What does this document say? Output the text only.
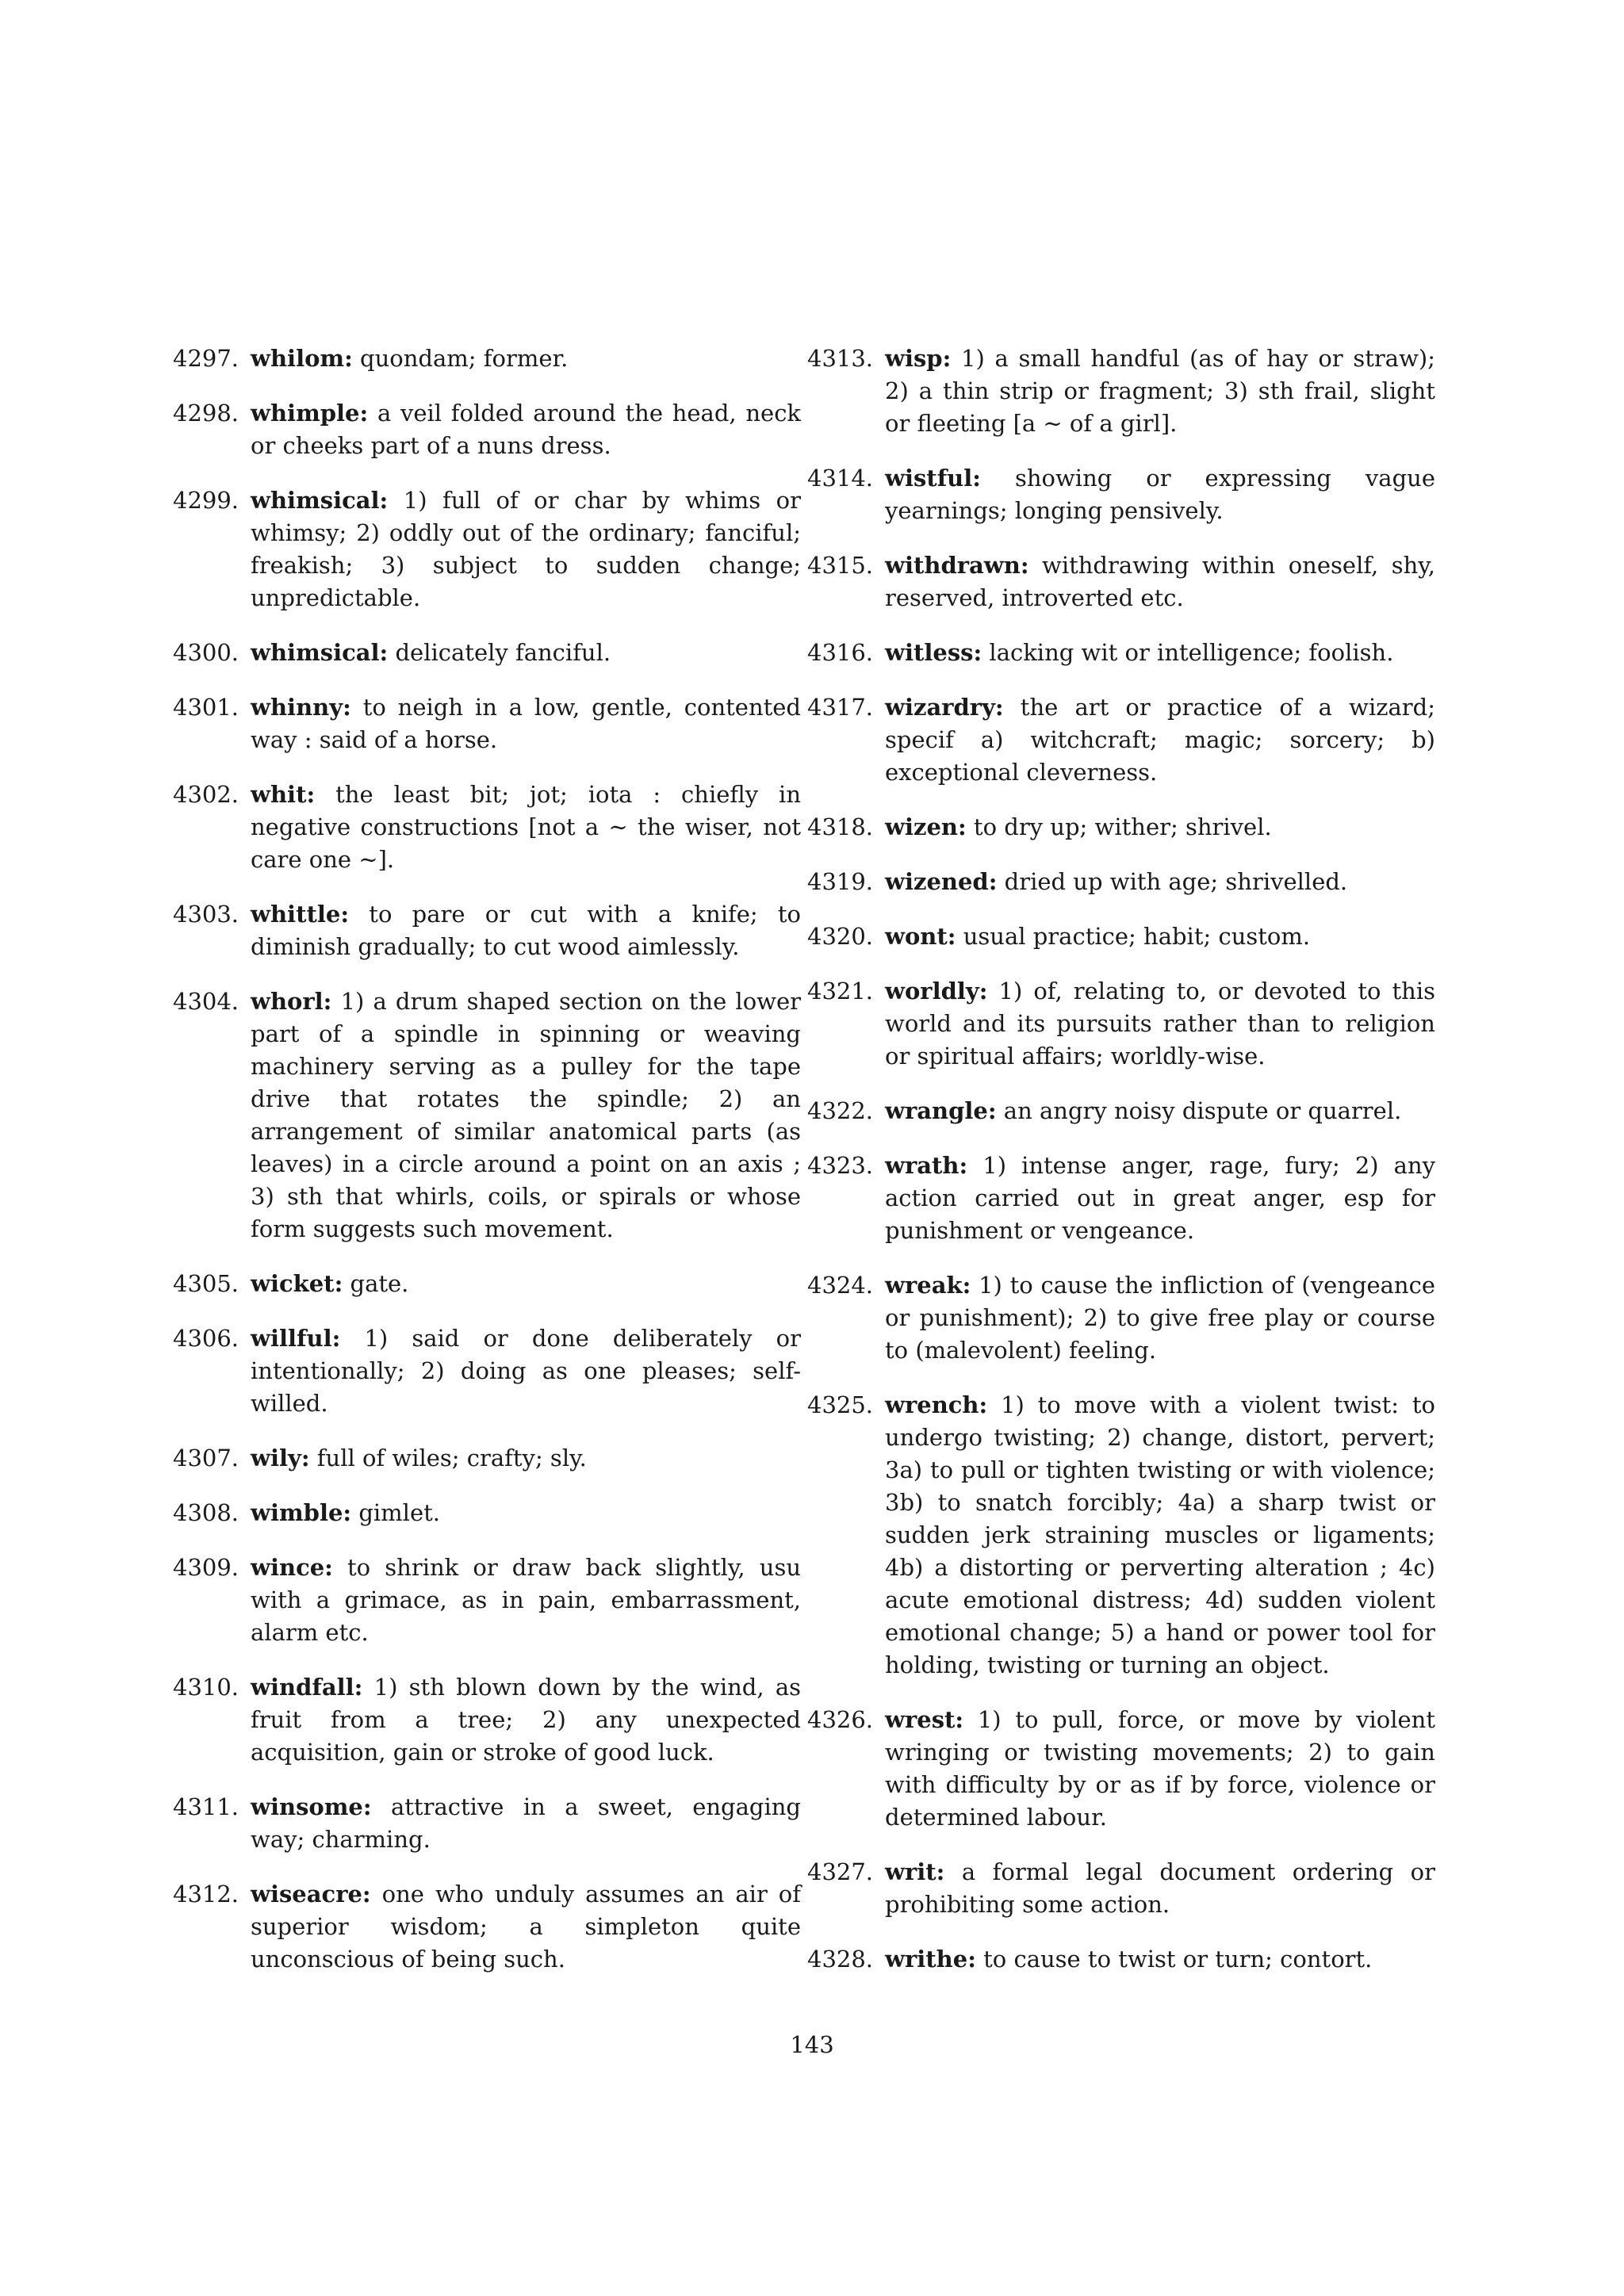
4297. whilom: quondam; former.
4298. whimple: a veil folded around the head, neck or cheeks part of a nuns dress.
4299. whimsical: 1) full of or char by whims or whimsy; 2) oddly out of the ordinary; fanciful; freakish; 3) subject to sudden change; unpredictable.
4300. whimsical: delicately fanciful.
4301. whinny: to neigh in a low, gentle, contented way : said of a horse.
4302. whit: the least bit; jot; iota : chiefly in negative constructions [not a ∼ the wiser, not care one ∼].
4303. whittle: to pare or cut with a knife; to diminish gradually; to cut wood aimlessly.
4304. whorl: 1) a drum shaped section on the lower part of a spindle in spinning or weaving machinery serving as a pulley for the tape drive that rotates the spindle; 2) an arrangement of similar anatomical parts (as leaves) in a circle around a point on an axis ; 3) sth that whirls, coils, or spirals or whose form suggests such movement.
4305. wicket: gate.
4306. willful: 1) said or done deliberately or intentionally; 2) doing as one pleases; self-willed.
4307. wily: full of wiles; crafty; sly.
4308. wimble: gimlet.
4309. wince: to shrink or draw back slightly, usu with a grimace, as in pain, embarrassment, alarm etc.
4310. windfall: 1) sth blown down by the wind, as fruit from a tree; 2) any unexpected acquisition, gain or stroke of good luck.
4311. winsome: attractive in a sweet, engaging way; charming.
4312. wiseacre: one who unduly assumes an air of superior wisdom; a simpleton quite unconscious of being such.
4313. wisp: 1) a small handful (as of hay or straw); 2) a thin strip or fragment; 3) sth frail, slight or fleeting [a ∼ of a girl].
4314. wistful: showing or expressing vague yearnings; longing pensively.
4315. withdrawn: withdrawing within oneself, shy, reserved, introverted etc.
4316. witless: lacking wit or intelligence; foolish.
4317. wizardry: the art or practice of a wizard; specif a) witchcraft; magic; sorcery; b) exceptional cleverness.
4318. wizen: to dry up; wither; shrivel.
4319. wizened: dried up with age; shrivelled.
4320. wont: usual practice; habit; custom.
4321. worldly: 1) of, relating to, or devoted to this world and its pursuits rather than to religion or spiritual affairs; worldly-wise.
4322. wrangle: an angry noisy dispute or quarrel.
4323. wrath: 1) intense anger, rage, fury; 2) any action carried out in great anger, esp for punishment or vengeance.
4324. wreak: 1) to cause the infliction of (vengeance or punishment); 2) to give free play or course to (malevolent) feeling.
4325. wrench: 1) to move with a violent twist: to undergo twisting; 2) change, distort, pervert; 3a) to pull or tighten twisting or with violence; 3b) to snatch forcibly; 4a) a sharp twist or sudden jerk straining muscles or ligaments; 4b) a distorting or perverting alteration ; 4c) acute emotional distress; 4d) sudden violent emotional change; 5) a hand or power tool for holding, twisting or turning an object.
4326. wrest: 1) to pull, force, or move by violent wringing or twisting movements; 2) to gain with difficulty by or as if by force, violence or determined labour.
4327. writ: a formal legal document ordering or prohibiting some action.
4328. writhe: to cause to twist or turn; contort.
143
